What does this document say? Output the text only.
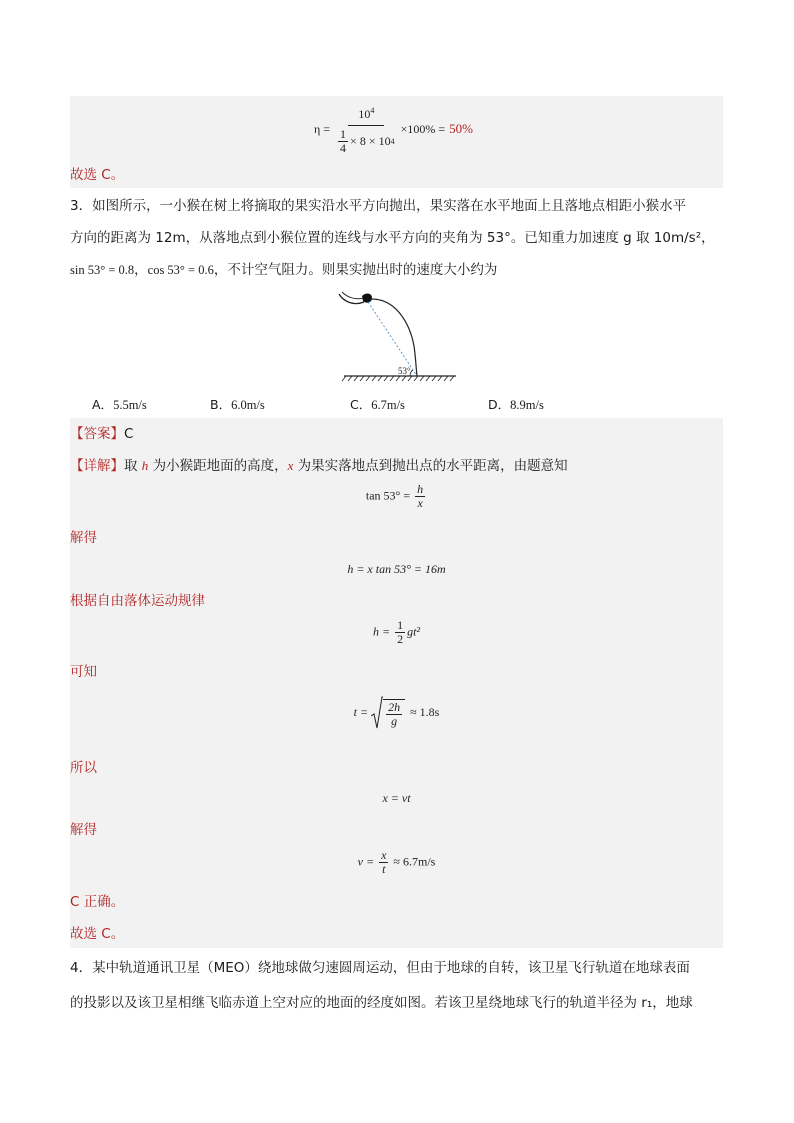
$\eta = \frac{10^4}{\frac{1}{4} \times 8 \times 10 4} \times 100\% = 50\%$
故选 C。
3．如图所示，一小猴在树上将摘取的果实沿水平方向抛出，果实落在水平地面上且落地点相距小猴水平
方向的距离为 12m，从落地点到小猴位置的连线与水平方向的夹角为 53°。已知重力加速度 g 取 10m/s²，
sin 53° = 0.8，cos 53° = 0.6，不计空气阻力。则果实抛出时的速度大小约为
53°
A．5.5m/s	B．6.0m/s	C．6.7m/s	D．8.9m/s
【答案】C
【详解】取 h 为小猴距地面的高度，x 为果实落地点到抛出点的水平距离，由题意知
$\tan 53^\circ = \frac{h}{x}$
解得
h = x tan 53° = 16m
根据自由落体运动规律
$h = \frac{1}{2} gt^2$
可知
$t = \frac{2h}{g} \approx 1.8s$
所以
x = vt
解得
$v = \frac{x}{t} \approx 6.7m/s$
C 正确。
故选 C。
4．某中轨道通讯卫星（MEO）绕地球做匀速圆周运动，但由于地球的自转，该卫星飞行轨道在地球表面
的投影以及该卫星相继飞临赤道上空对应的地面的经度如图。若该卫星绕地球飞行的轨道半径为 r₁，地球
